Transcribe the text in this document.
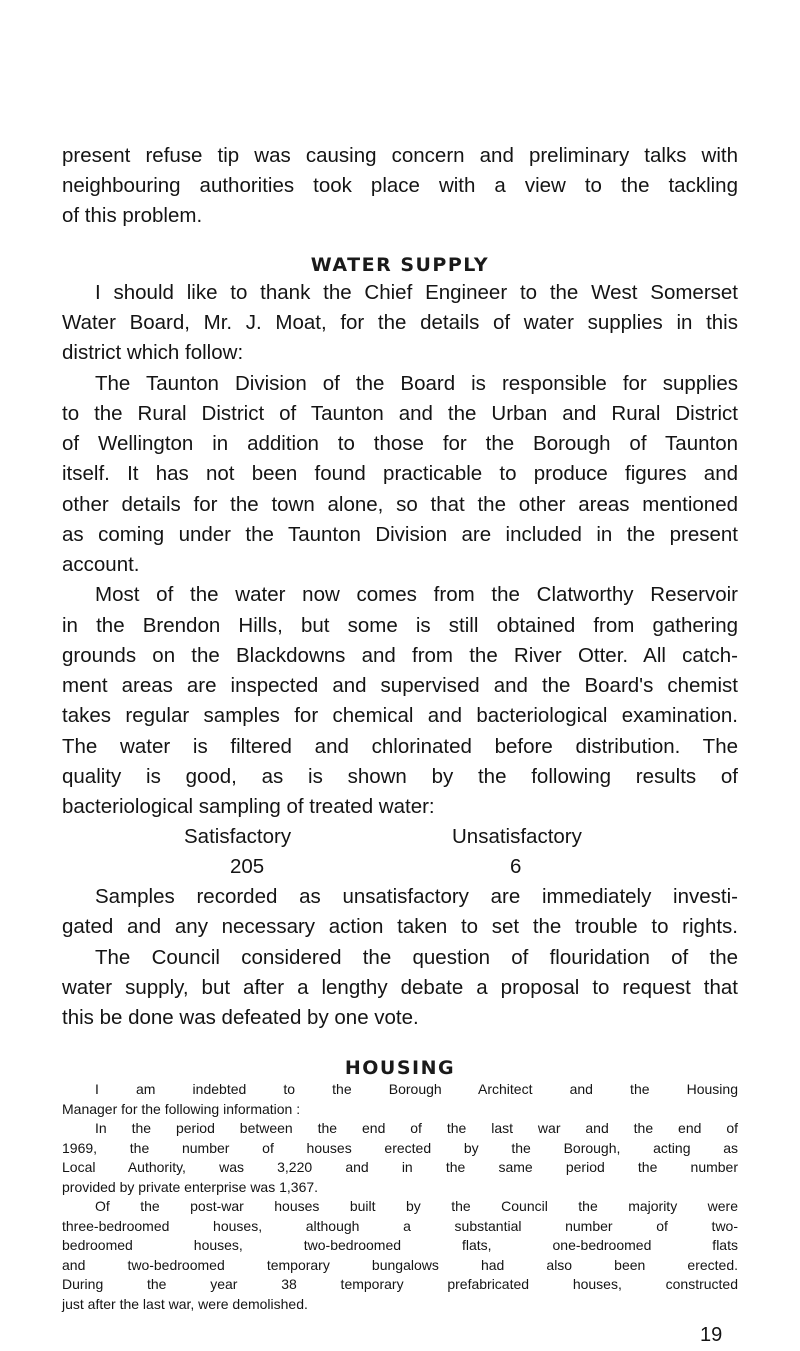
present refuse tip was causing concern and preliminary talks with
neighbouring authorities took place with a view to the tackling
of this problem.
WATER SUPPLY
I should like to thank the Chief Engineer to the West Somerset
Water Board, Mr. J. Moat, for the details of water supplies in this
district which follow:
The Taunton Division of the Board is responsible for supplies
to the Rural District of Taunton and the Urban and Rural District
of Wellington in addition to those for the Borough of Taunton
itself. It has not been found practicable to produce figures and
other details for the town alone, so that the other areas mentioned
as coming under the Taunton Division are included in the present
account.
Most of the water now comes from the Clatworthy Reservoir
in the Brendon Hills, but some is still obtained from gathering
grounds on the Blackdowns and from the River Otter. All catch-
ment areas are inspected and supervised and the Board's chemist
takes regular samples for chemical and bacteriological examination.
The water is filtered and chlorinated before distribution. The
quality is good, as is shown by the following results of
bacteriological sampling of treated water:
Satisfactory	Unsatisfactory
205	6
Samples recorded as unsatisfactory are immediately investi-
gated and any necessary action taken to set the trouble to rights.
The Council considered the question of flouridation of the
water supply, but after a lengthy debate a proposal to request that
this be done was defeated by one vote.
HOUSING
I am indebted to the Borough Architect and the Housing
Manager for the following information :
In the period between the end of the last war and the end of
1969, the number of houses erected by the Borough, acting as
Local Authority, was 3,220 and in the same period the number
provided by private enterprise was 1,367.
Of the post-war houses built by the Council the majority were
three-bedroomed houses, although a substantial number of two-
bedroomed houses, two-bedroomed flats, one-bedroomed flats
and two-bedroomed temporary bungalows had also been erected.
During the year 38 temporary prefabricated houses, constructed
just after the last war, were demolished.
19
